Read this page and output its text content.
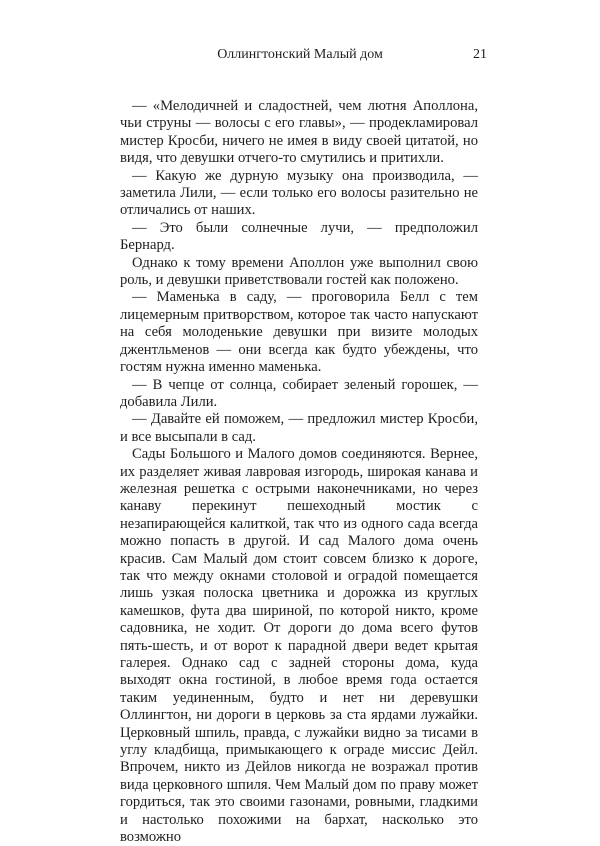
Оллингтонский Малый дом	21

— «Мелодичней и сладостней, чем лютня Аполлона, чьи струны — волосы с его главы», — продекламировал мистер Кросби, ничего не имея в виду своей цитатой, но видя, что девушки отчего-то смутились и притихли.

— Какую же дурную музыку она производила, — заметила Лили, — если только его волосы разительно не отличались от наших.

— Это были солнечные лучи, — предположил Бернард.

Однако к тому времени Аполлон уже выполнил свою роль, и девушки приветствовали гостей как положено.

— Маменька в саду, — проговорила Белл с тем лицемерным притворством, которое так часто напускают на себя молоденькие девушки при визите молодых джентльменов — они всегда как будто убеждены, что гостям нужна именно маменька.

— В чепце от солнца, собирает зеленый горошек, — добавила Лили.

— Давайте ей поможем, — предложил мистер Кросби, и все высыпали в сад.

Сады Большого и Малого домов соединяются. Вернее, их разделяет живая лавровая изгородь, широкая канава и железная решетка с острыми наконечниками, но через канаву перекинут пешеходный мостик с незапирающейся калиткой, так что из одного сада всегда можно попасть в другой. И сад Малого дома очень красив. Сам Малый дом стоит совсем близко к дороге, так что между окнами столовой и оградой помещается лишь узкая полоска цветника и дорожка из круглых камешков, фута два шириной, по которой никто, кроме садовника, не ходит. От дороги до дома всего футов пять-шесть, и от ворот к парадной двери ведет крытая галерея. Однако сад с задней стороны дома, куда выходят окна гостиной, в любое время года остается таким уединенным, будто и нет ни деревушки Оллингтон, ни дороги в церковь за ста ярдами лужайки. Церковный шпиль, правда, с лужайки видно за тисами в углу кладбища, примыкающего к ограде миссис Дейл. Впрочем, никто из Дейлов никогда не возражал против вида церковного шпиля. Чем Малый дом по праву может гордиться, так это своими газонами, ровными, гладкими и настолько похожими на бархат, насколько это возможно
